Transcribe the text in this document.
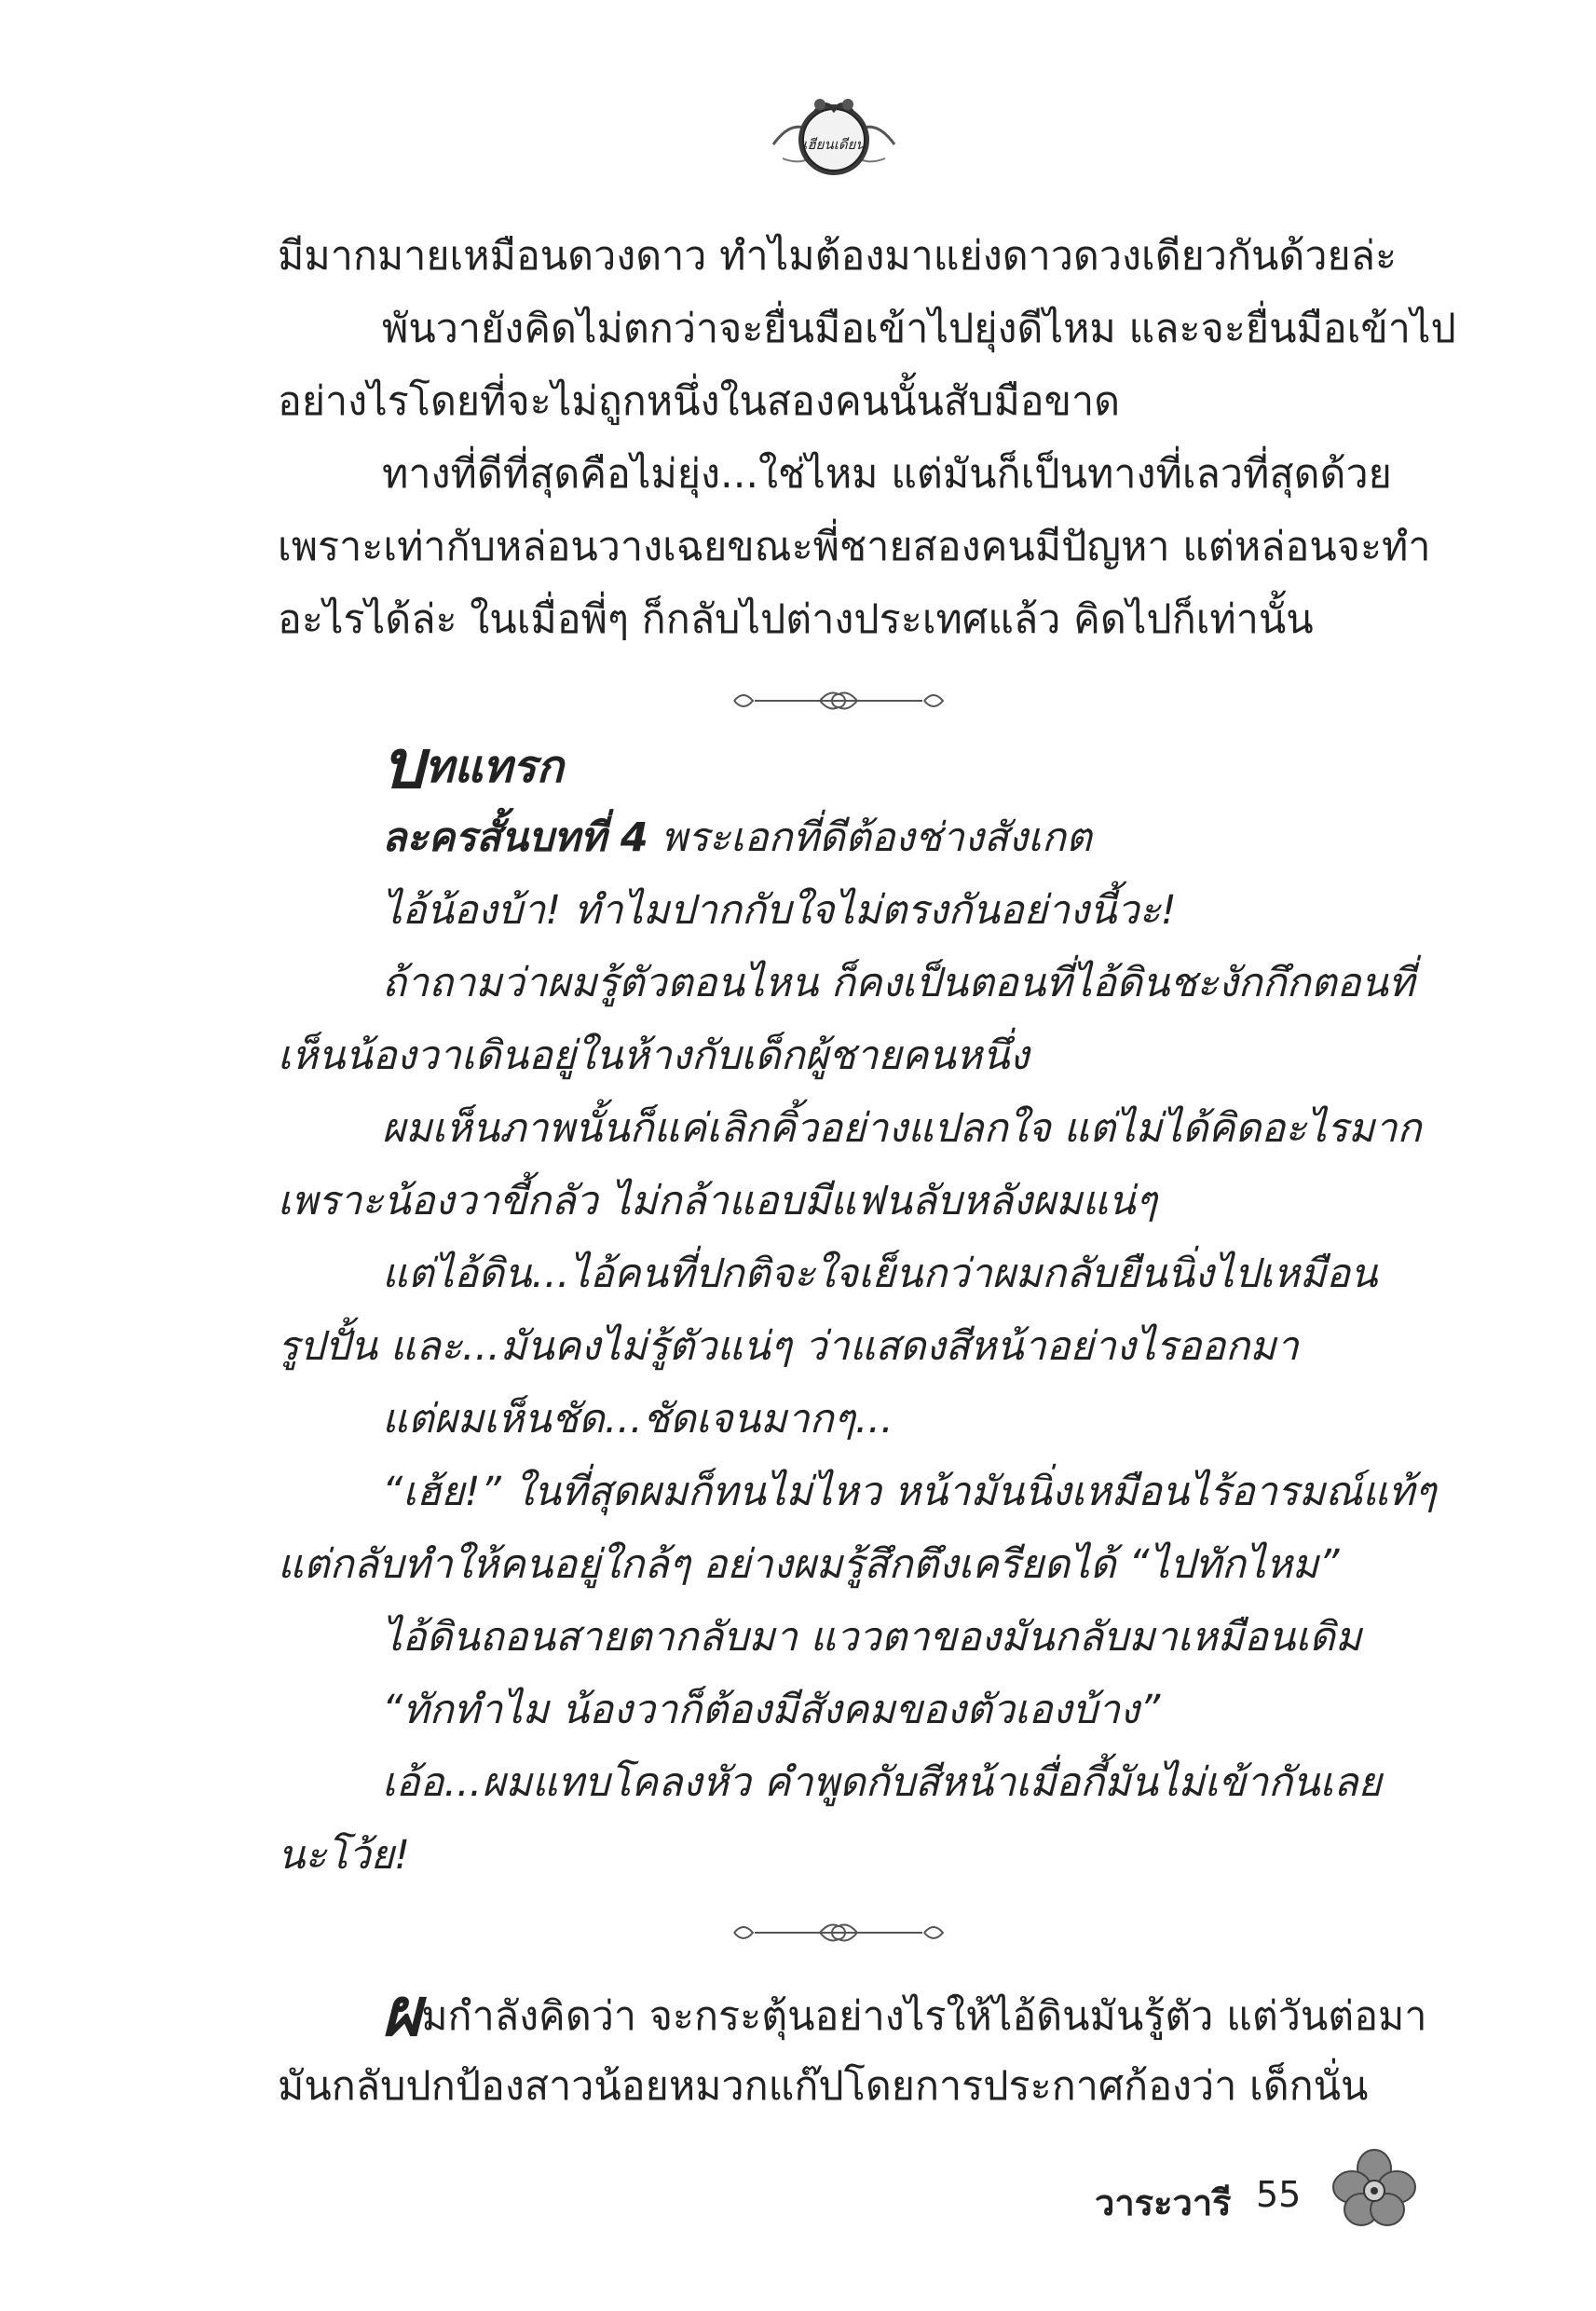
เฮียนเดียน

มีมากมายเหมือนดวงดาว ทำไมต้องมาแย่งดาวดวงเดียวกันด้วยล่ะ

พันวายังคิดไม่ตกว่าจะยื่นมือเข้าไปยุ่งดีไหม และจะยื่นมือเข้าไป

อย่างไรโดยที่จะไม่ถูกหนึ่งในสองคนนั้นสับมือขาด

ทางที่ดีที่สุดคือไม่ยุ่ง...ใช่ไหม แต่มันก็เป็นทางที่เลวที่สุดด้วย

เพราะเท่ากับหล่อนวางเฉยขณะพี่ชายสองคนมีปัญหา แต่หล่อนจะทำ

อะไรได้ล่ะ ในเมื่อพี่ๆ ก็กลับไปต่างประเทศแล้ว คิดไปก็เท่านั้น

บทแทรก

ละครสั้นบทที่ 4 พระเอกที่ดีต้องช่างสังเกต

ไอ้น้องบ้า! ทำไมปากกับใจไม่ตรงกันอย่างนี้วะ!

ถ้าถามว่าผมรู้ตัวตอนไหน ก็คงเป็นตอนที่ไอ้ดินชะงักกึกตอนที่

เห็นน้องวาเดินอยู่ในห้างกับเด็กผู้ชายคนหนึ่ง

ผมเห็นภาพนั้นก็แค่เลิกคิ้วอย่างแปลกใจ แต่ไม่ได้คิดอะไรมาก

เพราะน้องวาขี้กลัว ไม่กล้าแอบมีแฟนลับหลังผมแน่ๆ

แต่ไอ้ดิน...ไอ้คนที่ปกติจะใจเย็นกว่าผมกลับยืนนิ่งไปเหมือน

รูปปั้น และ...มันคงไม่รู้ตัวแน่ๆ ว่าแสดงสีหน้าอย่างไรออกมา

แต่ผมเห็นชัด...ชัดเจนมากๆ...

“เฮ้ย!” ในที่สุดผมก็ทนไม่ไหว หน้ามันนิ่งเหมือนไร้อารมณ์แท้ๆ

แต่กลับทำให้คนอยู่ใกล้ๆ อย่างผมรู้สึกตึงเครียดได้ “ไปทักไหม”

ไอ้ดินถอนสายตากลับมา แววตาของมันกลับมาเหมือนเดิม

“ทักทำไม น้องวาก็ต้องมีสังคมของตัวเองบ้าง”

เอ้อ...ผมแทบโคลงหัว คำพูดกับสีหน้าเมื่อกี้มันไม่เข้ากันเลย

นะโว้ย!

ผมกำลังคิดว่า จะกระตุ้นอย่างไรให้ไอ้ดินมันรู้ตัว แต่วันต่อมา

มันกลับปกป้องสาวน้อยหมวกแก๊ปโดยการประกาศก้องว่า เด็กนั่น

วาระวารี 55
